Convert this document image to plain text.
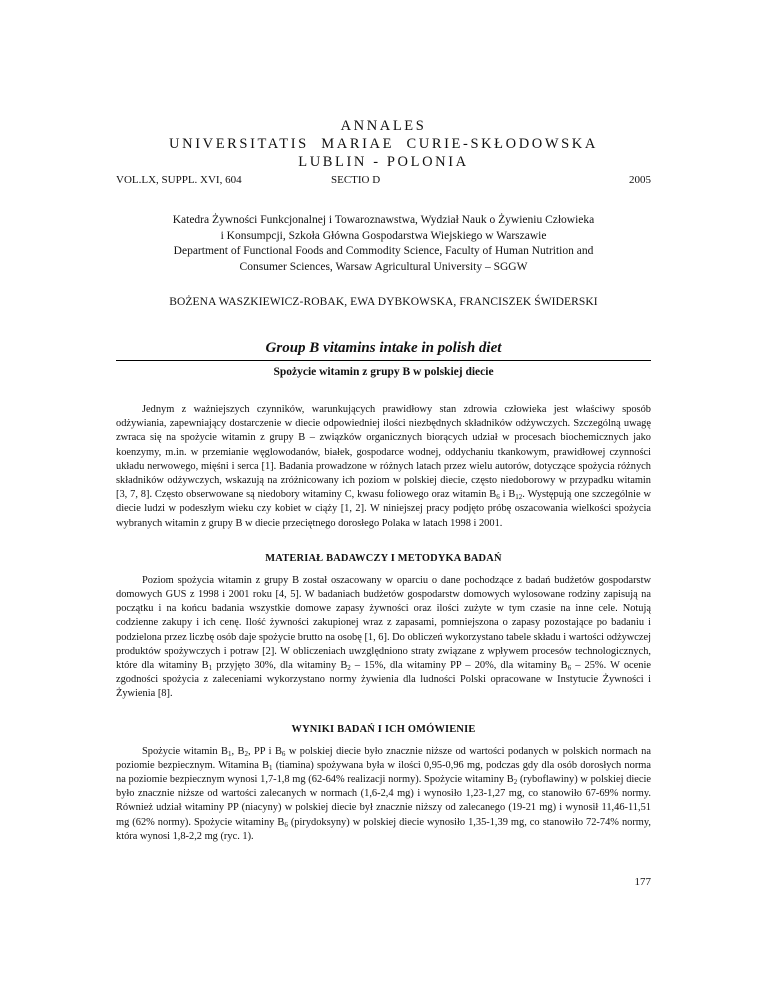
ANNALES
UNIVERSITATIS  MARIAE  CURIE-SKŁODOWSKA
LUBLIN - POLONIA
VOL.LX, SUPPL. XVI, 604	SECTIO D	2005
Katedra Żywności Funkcjonalnej i Towaroznawstwa, Wydział Nauk o Żywieniu Człowieka
i Konsumpcji, Szkoła Główna Gospodarstwa Wiejskiego w Warszawie
Department of Functional Foods and Commodity Science, Faculty of Human Nutrition and
Consumer Sciences, Warsaw Agricultural University – SGGW
BOŻENA WASZKIEWICZ-ROBAK, EWA DYBKOWSKA, FRANCISZEK ŚWIDERSKI
Group B vitamins intake in polish diet
Spożycie witamin z grupy B w polskiej diecie

Jednym z ważniejszych czynników, warunkujących prawidłowy stan zdrowia człowieka jest właściwy sposób odżywiania, zapewniający dostarczenie w diecie odpowiedniej ilości niezbędnych składników odżywczych. Szczególną uwagę zwraca się na spożycie witamin z grupy B – związków organicznych biorących udział w procesach biochemicznych jako koenzymy, m.in. w przemianie węglowodanów, białek, gospodarce wodnej, oddychaniu tkankowym, prawidłowej czynności układu nerwowego, mięśni i serca [1]. Badania prowadzone w różnych latach przez wielu autorów, dotyczące spożycia różnych składników odżywczych, wskazują na zróżnicowany ich poziom w polskiej diecie, często niedoborowy w przypadku witamin [3, 7, 8]. Często obserwowane są niedobory witaminy C, kwasu foliowego oraz witamin $B_6$ i $B_{12}$. Występują one szczególnie w diecie ludzi w podeszłym wieku czy kobiet w ciąży [1, 2]. W niniejszej pracy podjęto próbę oszacowania wielkości spożycia wybranych witamin z grupy B w diecie przeciętnego dorosłego Polaka w latach 1998 i 2001.

MATERIAŁ BADAWCZY I METODYKA BADAŃ

Poziom spożycia witamin z grupy B został oszacowany w oparciu o dane pochodzące z badań budżetów gospodarstw domowych GUS z 1998 i 2001 roku [4, 5]. W badaniach budżetów gospodarstw domowych wylosowane rodziny zapisują na początku i na końcu badania wszystkie domowe zapasy żywności oraz ilości zużyte w tym czasie na inne cele. Notują codzienne zakupy i ich cenę. Ilość żywności zakupionej wraz z zapasami, pomniejszona o zapasy pozostające po badaniu i podzielona przez liczbę osób daje spożycie brutto na osobę [1, 6]. Do obliczeń wykorzystano tabele składu i wartości odżywczej produktów spożywczych i potraw [2]. W obliczeniach uwzględniono straty związane z wpływem procesów technologicznych, które dla witaminy $B_1$ przyjęto 30%, dla witaminy $B_2 - 15\%$, dla witaminy PP – 20%, dla witaminy $B_6 - 25\%$. W ocenie zgodności spożycia z zaleceniami wykorzystano normy żywienia dla ludności Polski opracowane w Instytucie Żywności i Żywienia [8].

WYNIKI BADAŃ I ICH OMÓWIENIE

Spożycie witamin $B_1$, $B_2$, PP i $B_6$ w polskiej diecie było znacznie niższe od wartości podanych w polskich normach na poziomie bezpiecznym. Witamina $B_1$ (tiamina) spożywana była w ilości 0,95-0,96 mg, podczas gdy dla osób dorosłych norma na poziomie bezpiecznym wynosi 1,7-1,8 mg (62-64% realizacji normy). Spożycie witaminy $B_2$ (ryboflawiny) w polskiej diecie było znacznie niższe od wartości zalecanych w normach (1,6-2,4 mg) i wynosiło 1,23-1,27 mg, co stanowiło 67-69% normy. Również udział witaminy PP (niacyny) w polskiej diecie był znacznie niższy od zalecanego (19-21 mg) i wynosił 11,46-11,51 mg (62% normy). Spożycie witaminy $B_6$ (pirydoksyny) w polskiej diecie wynosiło 1,35-1,39 mg, co stanowiło 72-74% normy, która wynosi 1,8-2,2 mg (ryc. 1).

177
